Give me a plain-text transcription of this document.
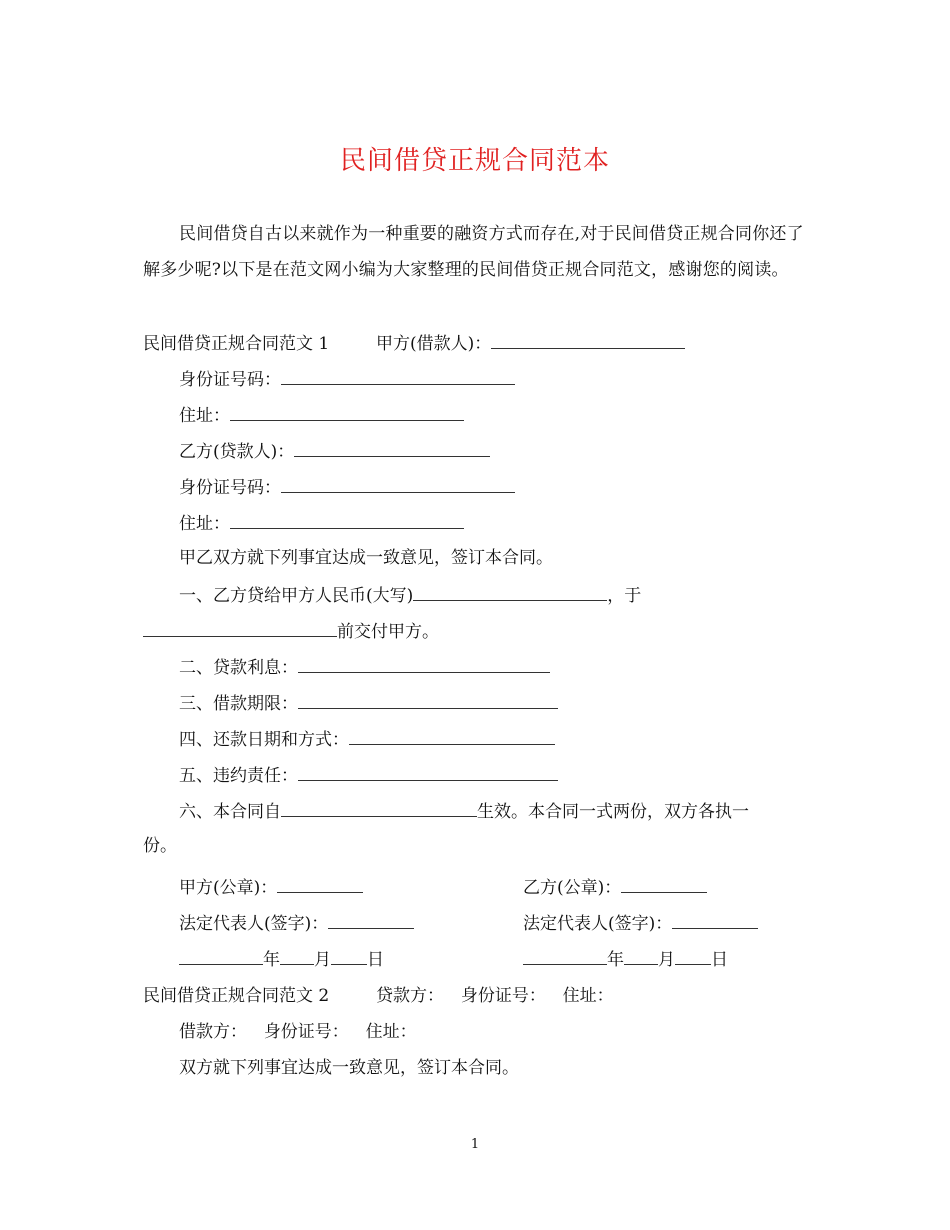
民间借贷正规合同范本
民间借贷自古以来就作为一种重要的融资方式而存在,对于民间借贷正规合同你还了解多少呢?以下是在范文网小编为大家整理的民间借贷正规合同范文，感谢您的阅读。
民间借贷正规合同范文 1	甲方(借款人)：
身份证号码：
住址：
乙方(贷款人)：
身份证号码：
住址：
甲乙双方就下列事宜达成一致意见，签订本合同。
一、乙方贷给甲方人民币(大写)	，于
前交付甲方。
二、贷款利息：
三、借款期限：
四、还款日期和方式：
五、违约责任：
六、本合同自	生效。本合同一式两份，双方各执一
份。
甲方(公章)：	乙方(公章)：
法定代表人(签字)：	法定代表人(签字)：
年 月 日	年 月 日
民间借贷正规合同范文 2	贷款方： 身份证号： 住址：
借款方： 身份证号： 住址：
双方就下列事宜达成一致意见，签订本合同。
1
